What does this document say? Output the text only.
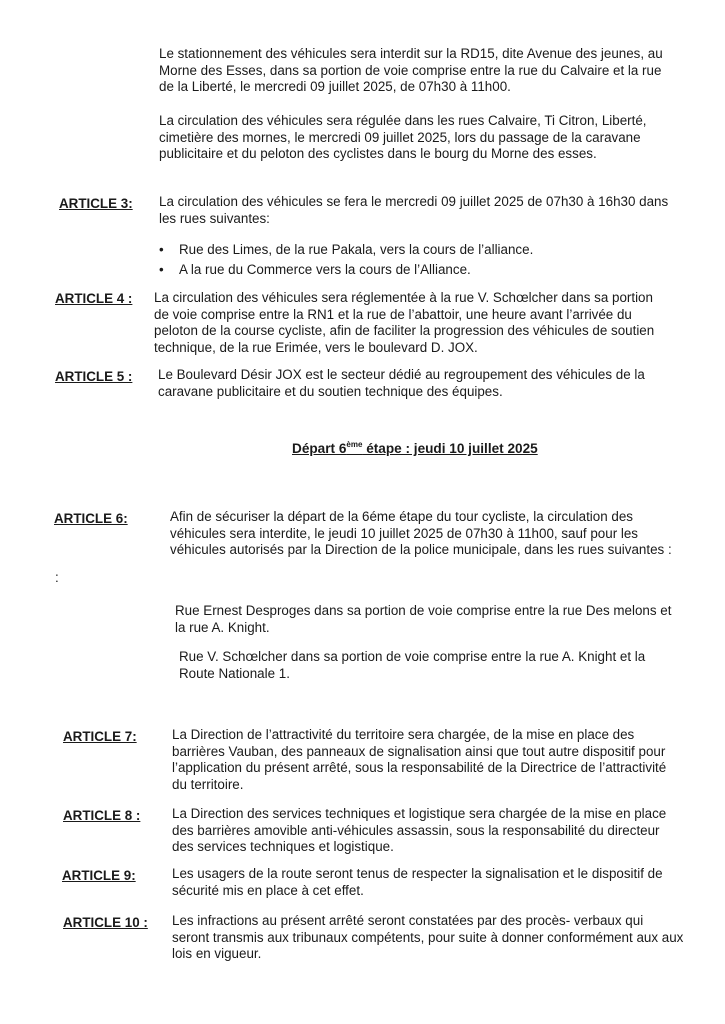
Le stationnement des véhicules sera interdit sur la RD15, dite Avenue des jeunes, au Morne des Esses, dans sa portion de voie comprise entre la rue du Calvaire et la rue de la Liberté, le mercredi 09 juillet 2025, de 07h30 à 11h00.

La circulation des véhicules sera régulée dans les rues Calvaire, Ti Citron, Liberté, cimetière des mornes, le mercredi 09 juillet 2025, lors du passage de la caravane publicitaire et du peloton des cyclistes dans le bourg du Morne des esses.

ARTICLE 3: La circulation des véhicules se fera le mercredi 09 juillet 2025 de 07h30 à 16h30 dans les rues suivantes:

• Rue des Limes, de la rue Pakala, vers la cours de l’alliance.
• A la rue du Commerce vers la cours de l’Alliance.
ARTICLE 4 : La circulation des véhicules sera réglementée à la rue V. Schœlcher dans sa portion de voie comprise entre la RN1 et la rue de l’abattoir, une heure avant l’arrivée du peloton de la course cycliste, afin de faciliter la progression des véhicules de soutien technique, de la rue Erimée, vers le boulevard D. JOX.

ARTICLE 5 : Le Boulevard Désir JOX est le secteur dédié au regroupement des véhicules de la caravane publicitaire et du soutien technique des équipes.

Départ 6ème étape : jeudi 10 juillet 2025
ARTICLE 6:	Afin de sécuriser la départ de la 6éme étape du tour cycliste, la circulation des véhicules sera interdite, le jeudi 10 juillet 2025 de 07h30 à 11h00, sauf pour les véhicules autorisés par la Direction de la police municipale, dans les rues suivantes :

:

Rue Ernest Desproges dans sa portion de voie comprise entre la rue Des melons et la rue A. Knight.

Rue V. Schœlcher dans sa portion de voie comprise entre la rue A. Knight et la Route Nationale 1.

ARTICLE 7:	La Direction de l’attractivité du territoire sera chargée, de la mise en place des barrières Vauban, des panneaux de signalisation ainsi que tout autre dispositif pour l’application du présent arrêté, sous la responsabilité de la Directrice de l’attractivité du territoire.

ARTICLE 8 : La Direction des services techniques et logistique sera chargée de la mise en place des barrières amovible anti-véhicules assassin, sous la responsabilité du directeur des services techniques et logistique.

ARTICLE 9:	Les usagers de la route seront tenus de respecter la signalisation et le dispositif de sécurité mis en place à cet effet.

ARTICLE 10 : Les infractions au présent arrêté seront constatées par des procès- verbaux qui seront transmis aux tribunaux compétents, pour suite à donner conformément aux aux lois en vigueur.
